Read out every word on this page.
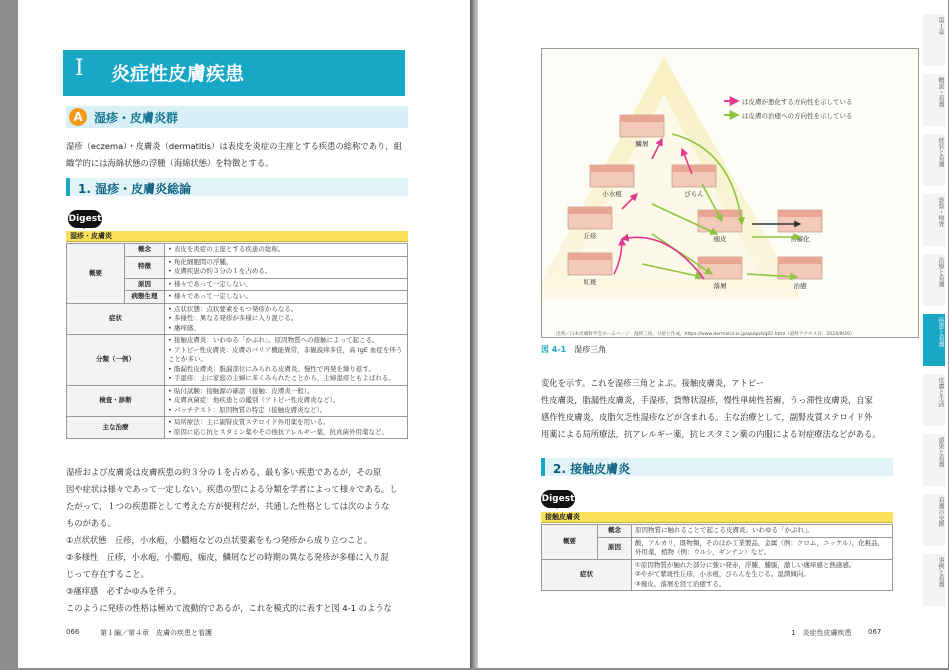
I 炎症性皮膚疾患
A 湿疹・皮膚炎群
湿疹（eczema）・皮膚炎（dermatitis）は表皮を炎症の主座とする疾患の総称であり，組
織学的には海綿状態の浮腫（海綿状態）を特徴とする。
1. 湿疹・皮膚炎総論
Digest
湿疹・皮膚炎
概要	概念	• 表皮を炎症の主座とする疾患の総称。

	特徴	• 角化細胞間の浮腫。
• 皮膚疾患の約３分の１を占める。

	原因	• 様々であって一定しない。

	病態生理	• 様々であって一定しない。

症状		• 点状状態：点状要素をもつ発疹からなる。
• 多様性：異なる発疹が多様に入り混じる。
• 瘙痒感。

分類（一例）		• 接触皮膚炎：いわゆる「かぶれ」。原因物質への接触によって起こる。
• アトピー性皮膚炎：皮膚のバリア機能異常，非観説痒多佳，高 IgE 血症を伴うことが多い。
• 脂漏性皮膚炎：脂漏部位にみられる皮膚炎。慢性で再発を繰り返す。
• 手湿疹：主に家庭の主婦に多くみられたことから，主婦湿疹ともよばれる。

検査・診断		• 貼付試験：接触源の確認（接触：皮膚炎一般）。
• 皮膚真菌症：他疾患との鑑別（アトピー性皮膚炎など）。
• パッチテスト：原因物質の特定（接触皮膚炎など）。

主な治療		• 局所療法：主に副腎皮質ステロイド外用薬を用いる。
• 原因に応じ抗ヒスタミン薬やその他抗アレルギー薬，抗真菌外用薬など。
湿疹および皮膚炎は皮膚疾患の約３分の１を占める，最も多い疾患であるが，その原
因や症状は様々であって一定しない。疾患の型による分類を学者によって様々である。し
たがって，１つの疾患群として考えた方が便利だが，共通した性格としては次のような
ものがある。
①点状状態　丘疹，小水疱，小膿疱などの点状要素をもつ発疹から成り立つこと。
②多様性　丘疹，小水疱，小膿疱，痂皮，鱗屑などの時期の異なる発疹が多様に入り混
じって存在すること。
③瘙痒感　必ずかゆみを伴う。
このように発疹の性格は極めて流動的であるが，これを模式的に表すと図 4-1 のような
066	第１編／第４章　皮膚の疾患と看護
紅斑
丘疹
小水疱	びらん
鱗屑
痂皮	苔癬化
落屑	治癒
は皮膚が悪化する方向性を示している
は皮膚の治癒への方向性を示している
出典／日本皮膚科学会ホームページ：湿疹三角，分泌と作成，https://www.dermatol.or.jp/qa/qa4/q02.html（最終アクセス日：2024/9/20）
図 4-1　 湿疹三角
変化を示す。これを湿疹三角とよぶ。接触皮膚炎，アトピー
性皮膚炎，脂漏性皮膚炎，手湿疹，貨幣状湿疹，慢性単純性苔癬，うっ滞性皮膚炎，自家
感作性皮膚炎，皮脂欠乏性湿疹などが含まれる。主な治療として，副腎皮質ステロイド外
用薬による局所療法，抗アレルギー薬，抗ヒスタミン薬の内服による対症療法などがある。
2. 接触皮膚炎
Digest
接触皮膚炎
概要	概念	原因物質に触れることで起こる皮膚炎。いわゆる「かぶれ」。

	原因	酸，アルカリ，既物類，そのほか工業製品，金属（例：クロム，ニッケル），化粧品，外用薬，植物（例：ウルシ，ギンナン）など。

症状		①原因物質が触れた部分に強い発赤，浮腫，腫脹，激しい瘙痒感と熱感感。
②やがて紫斑性丘疹，小水疱，びらんを生じる。湿潤傾向。
③痂皮，落屑を経て治癒する。
1　炎症性皮膚疾患 067
第１章
概説・看護
症状と看護
診察・検査
治療と看護
疾患と看護
皮膚と生活
感染と看護
看護の実際
事例と看護
